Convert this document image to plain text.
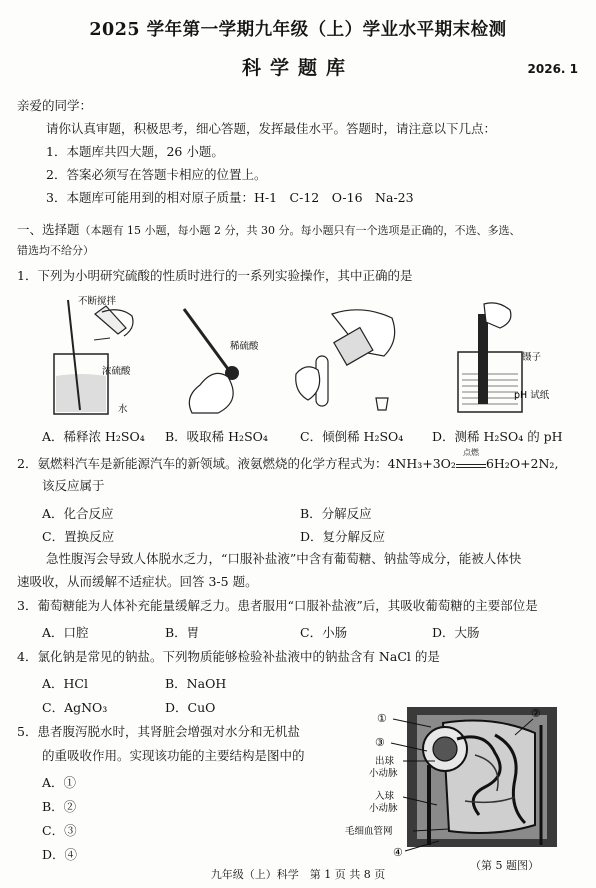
2025 学年第一学期九年级（上）学业水平期末检测
科学题库	2026. 1
亲爱的同学：
请你认真审题，积极思考，细心答题，发挥最佳水平。答题时，请注意以下几点：
1．本题库共四大题，26 小题。
2．答案必须写在答题卡相应的位置上。
3．本题库可能用到的相对原子质量：H-1　C-12　O-16　Na-23
一、选择题（本题有 15 小题，每小题 2 分，共 30 分。每小题只有一个选项是正确的，不选、多选、
错选均不给分）
1．下列为小明研究硫酸的性质时进行的一系列实验操作，其中正确的是
不断搅拌
浓硫酸
水
稀硫酸
镊子
pH 试纸
A．稀释浓 H₂SO₄ B．吸取稀 H₂SO₄	C．倾倒稀 H₂SO₄ D．测稀 H₂SO₄ 的 pH
2．氨燃料汽车是新能源汽车的新领域。液氨燃烧的化学方程式为：4NH₃+3O₂
点燃
6H₂O+2N₂,
该反应属于
A．化合反应	B．分解反应
C．置换反应	D．复分解反应
急性腹泻会导致人体脱水乏力，“口服补盐液”中含有葡萄糖、钠盐等成分，能被人体快
速吸收，从而缓解不适症状。回答 3-5 题。
3．葡萄糖能为人体补充能量缓解乏力。患者服用“口服补盐液”后，其吸收葡萄糖的主要部位是
A．口腔	B．胃	C．小肠	D．大肠
4．氯化钠是常见的钠盐。下列物质能够检验补盐液中的钠盐含有 NaCl 的是
A．HCl	B．NaOH
C．AgNO₃	D．CuO
5．患者腹泻脱水时，其肾脏会增强对水分和无机盐
的重吸收作用。实现该功能的主要结构是图中的
A．①
B．②
C．③
D．④
①	②
③
④
出球
小动脉
入球
小动脉
毛细血管网
（第 5 题图）
九年级（上）科学　第 1 页 共 8 页
